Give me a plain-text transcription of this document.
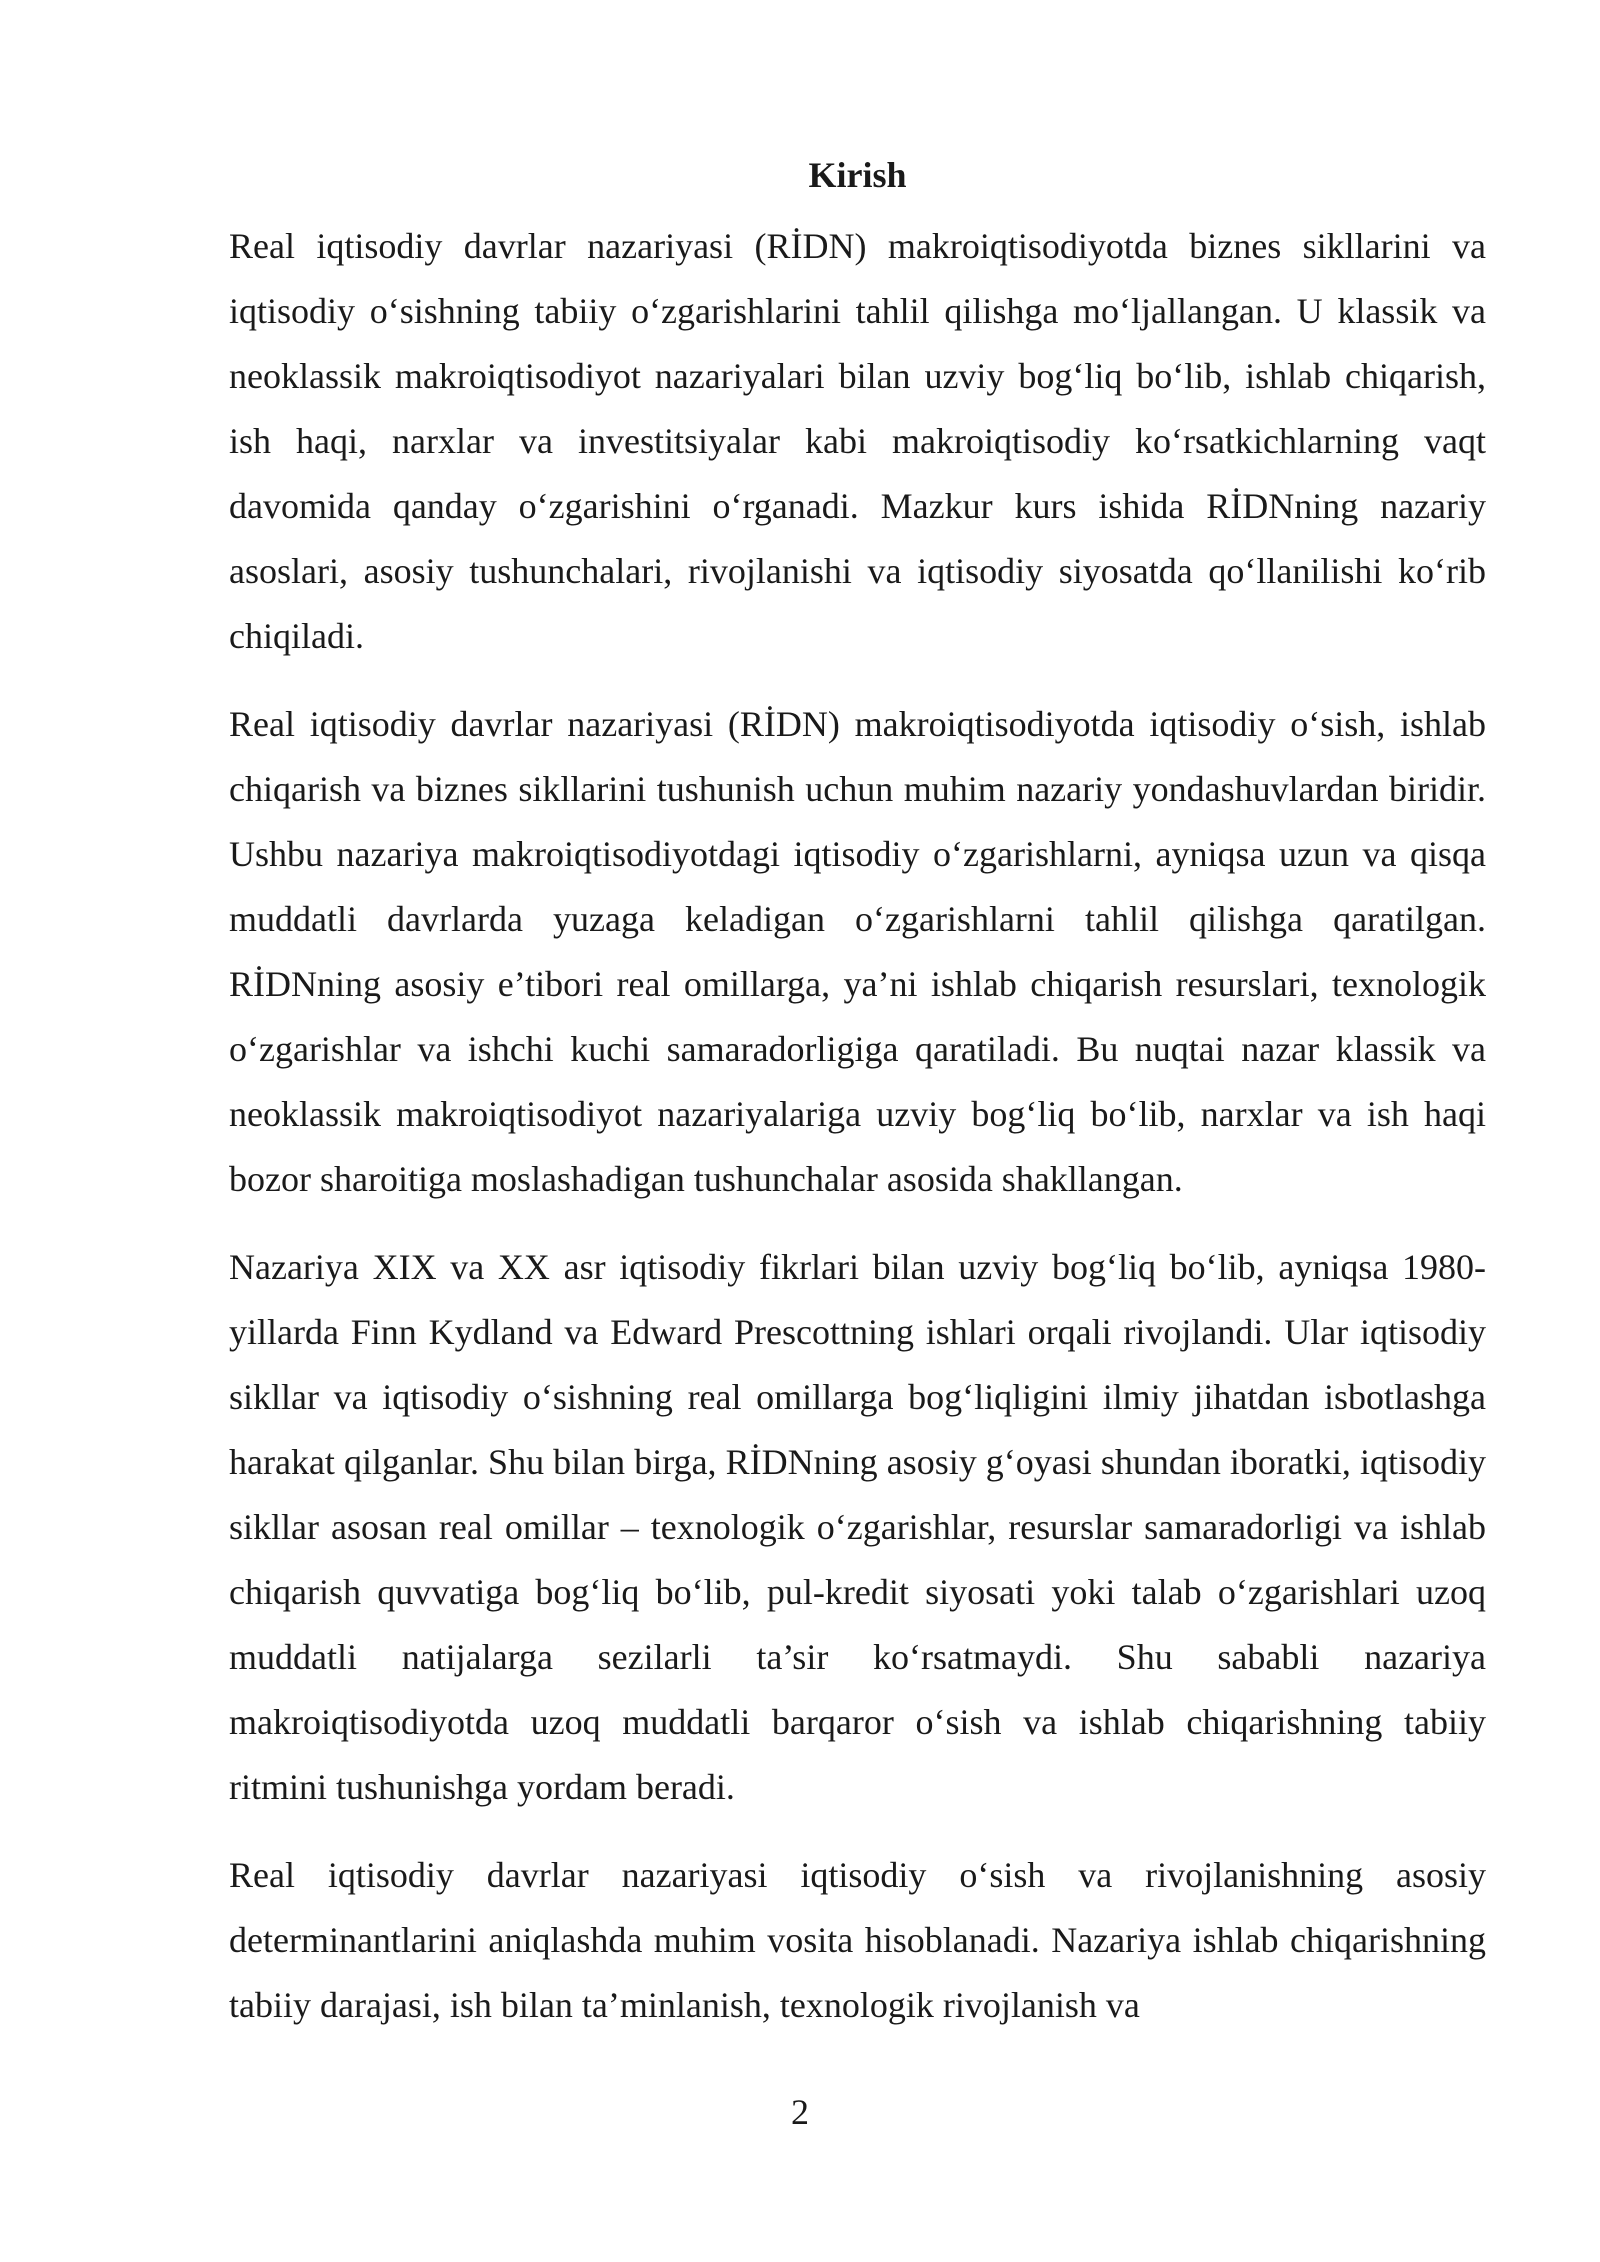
Kirish

Real iqtisodiy davrlar nazariyasi (RİDN) makroiqtisodiyotda biznes sikllarini va iqtisodiy oʻsishning tabiiy oʻzgarishlarini tahlil qilishga moʻljallangan. U klassik va neoklassik makroiqtisodiyot nazariyalari bilan uzviy bogʻliq boʻlib, ishlab chiqarish, ish haqi, narxlar va investitsiyalar kabi makroiqtisodiy koʻrsatkichlarning vaqt davomida qanday oʻzgarishini oʻrganadi. Mazkur kurs ishida RİDNning nazariy asoslari, asosiy tushunchalari, rivojlanishi va iqtisodiy siyosatda qoʻllanilishi koʻrib chiqiladi.

Real iqtisodiy davrlar nazariyasi (RİDN) makroiqtisodiyotda iqtisodiy oʻsish, ishlab chiqarish va biznes sikllarini tushunish uchun muhim nazariy yondashuvlardan biridir. Ushbu nazariya makroiqtisodiyotdagi iqtisodiy oʻzgarishlarni, ayniqsa uzun va qisqa muddatli davrlarda yuzaga keladigan oʻzgarishlarni tahlil qilishga qaratilgan. RİDNning asosiy e’tibori real omillarga, ya’ni ishlab chiqarish resurslari, texnologik oʻzgarishlar va ishchi kuchi samaradorligiga qaratiladi. Bu nuqtai nazar klassik va neoklassik makroiqtisodiyot nazariyalariga uzviy bogʻliq boʻlib, narxlar va ish haqi bozor sharoitiga moslashadigan tushunchalar asosida shakllangan.

Nazariya XIX va XX asr iqtisodiy fikrlari bilan uzviy bogʻliq boʻlib, ayniqsa 1980-yillarda Finn Kydland va Edward Prescottning ishlari orqali rivojlandi. Ular iqtisodiy sikllar va iqtisodiy oʻsishning real omillarga bogʻliqligini ilmiy jihatdan isbotlashga harakat qilganlar. Shu bilan birga, RİDNning asosiy gʻoyasi shundan iboratki, iqtisodiy sikllar asosan real omillar – texnologik oʻzgarishlar, resurslar samaradorligi va ishlab chiqarish quvvatiga bogʻliq boʻlib, pul-kredit siyosati yoki talab oʻzgarishlari uzoq muddatli natijalarga sezilarli ta’sir koʻrsatmaydi. Shu sababli nazariya makroiqtisodiyotda uzoq muddatli barqaror oʻsish va ishlab chiqarishning tabiiy ritmini tushunishga yordam beradi.

Real iqtisodiy davrlar nazariyasi iqtisodiy oʻsish va rivojlanishning asosiy determinantlarini aniqlashda muhim vosita hisoblanadi. Nazariya ishlab chiqarishning tabiiy darajasi, ish bilan ta’minlanish, texnologik rivojlanish va

2
